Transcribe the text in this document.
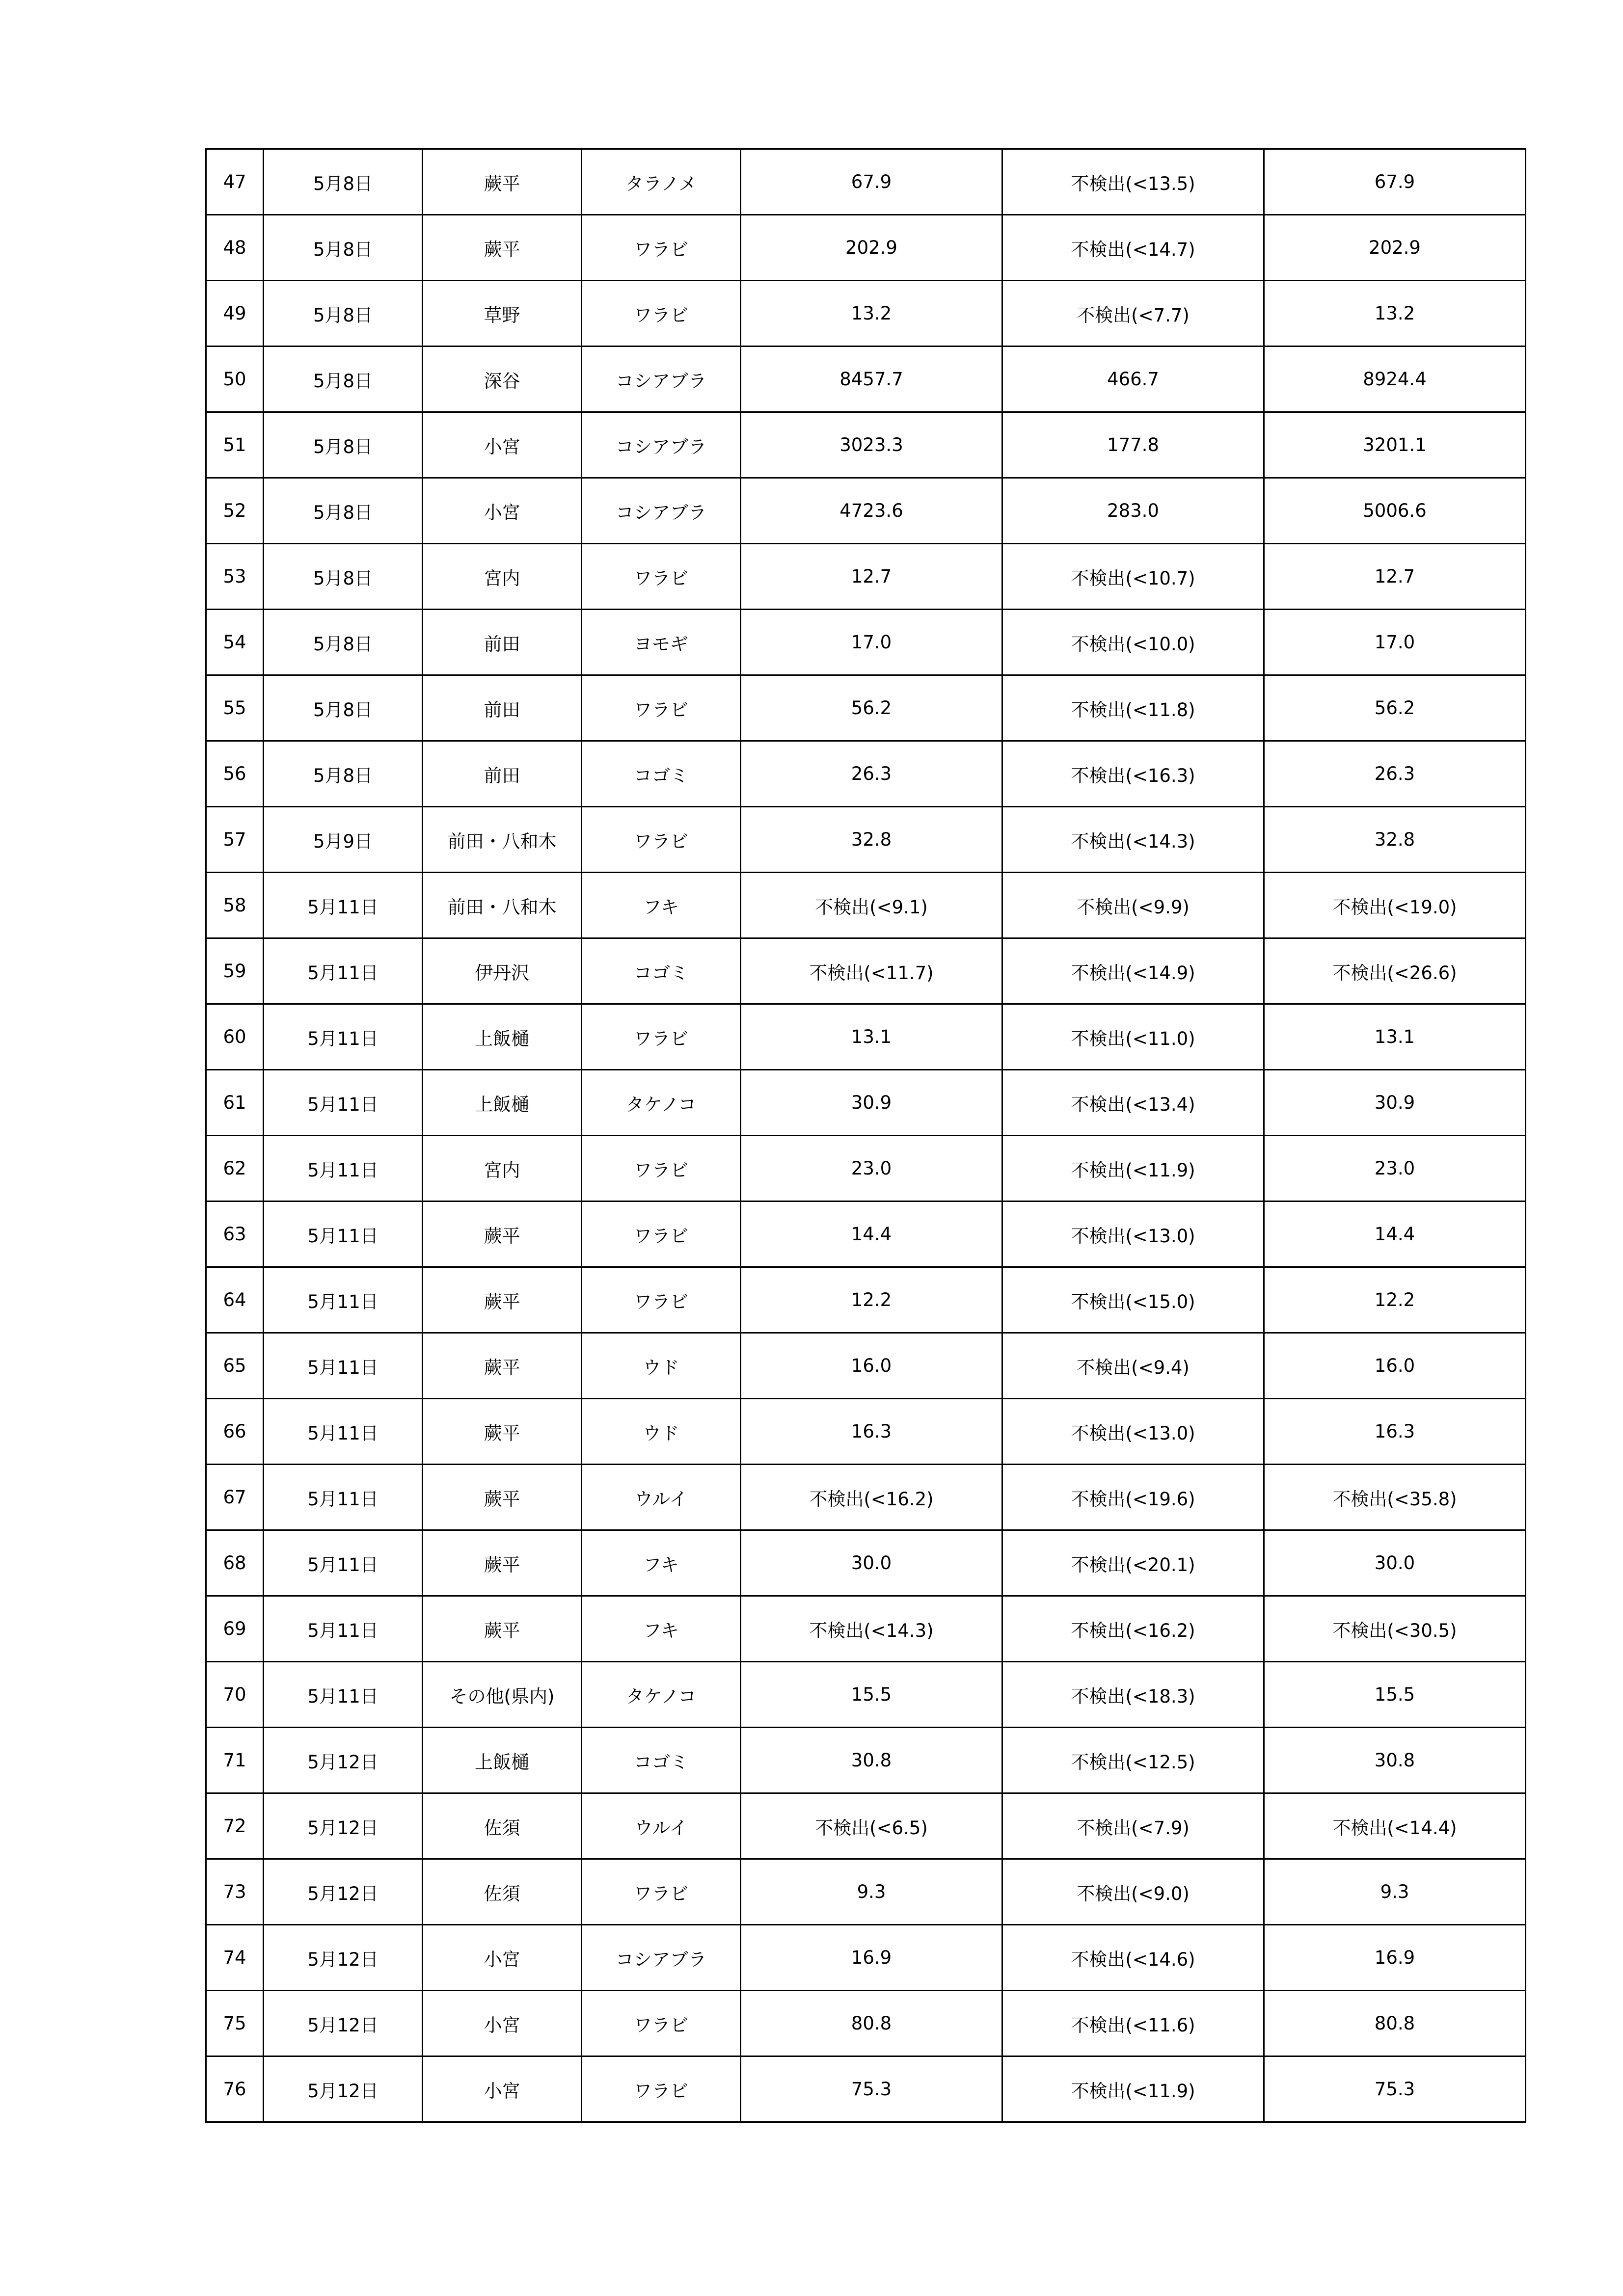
47	5月8日	蕨平	タラノメ	67.9	不検出(<13.5)	67.9
48	5月8日	蕨平	ワラビ	202.9	不検出(<14.7)	202.9
49	5月8日	草野	ワラビ	13.2	不検出(<7.7)	13.2
50	5月8日	深谷	コシアブラ	8457.7	466.7	8924.4
51	5月8日	小宮	コシアブラ	3023.3	177.8	3201.1
52	5月8日	小宮	コシアブラ	4723.6	283.0	5006.6
53	5月8日	宮内	ワラビ	12.7	不検出(<10.7)	12.7
54	5月8日	前田	ヨモギ	17.0	不検出(<10.0)	17.0
55	5月8日	前田	ワラビ	56.2	不検出(<11.8)	56.2
56	5月8日	前田	コゴミ	26.3	不検出(<16.3)	26.3
57	5月9日	前田・八和木	ワラビ	32.8	不検出(<14.3)	32.8
58	5月11日	前田・八和木	フキ	不検出(<9.1)	不検出(<9.9)	不検出(<19.0)
59	5月11日	伊丹沢	コゴミ	不検出(<11.7)	不検出(<14.9)	不検出(<26.6)
60	5月11日	上飯樋	ワラビ	13.1	不検出(<11.0)	13.1
61	5月11日	上飯樋	タケノコ	30.9	不検出(<13.4)	30.9
62	5月11日	宮内	ワラビ	23.0	不検出(<11.9)	23.0
63	5月11日	蕨平	ワラビ	14.4	不検出(<13.0)	14.4
64	5月11日	蕨平	ワラビ	12.2	不検出(<15.0)	12.2
65	5月11日	蕨平	ウド	16.0	不検出(<9.4)	16.0
66	5月11日	蕨平	ウド	16.3	不検出(<13.0)	16.3
67	5月11日	蕨平	ウルイ	不検出(<16.2)	不検出(<19.6)	不検出(<35.8)
68	5月11日	蕨平	フキ	30.0	不検出(<20.1)	30.0
69	5月11日	蕨平	フキ	不検出(<14.3)	不検出(<16.2)	不検出(<30.5)
70	5月11日	その他(県内)	タケノコ	15.5	不検出(<18.3)	15.5
71	5月12日	上飯樋	コゴミ	30.8	不検出(<12.5)	30.8
72	5月12日	佐須	ウルイ	不検出(<6.5)	不検出(<7.9)	不検出(<14.4)
73	5月12日	佐須	ワラビ	9.3	不検出(<9.0)	9.3
74	5月12日	小宮	コシアブラ	16.9	不検出(<14.6)	16.9
75	5月12日	小宮	ワラビ	80.8	不検出(<11.6)	80.8
76	5月12日	小宮	ワラビ	75.3	不検出(<11.9)	75.3
